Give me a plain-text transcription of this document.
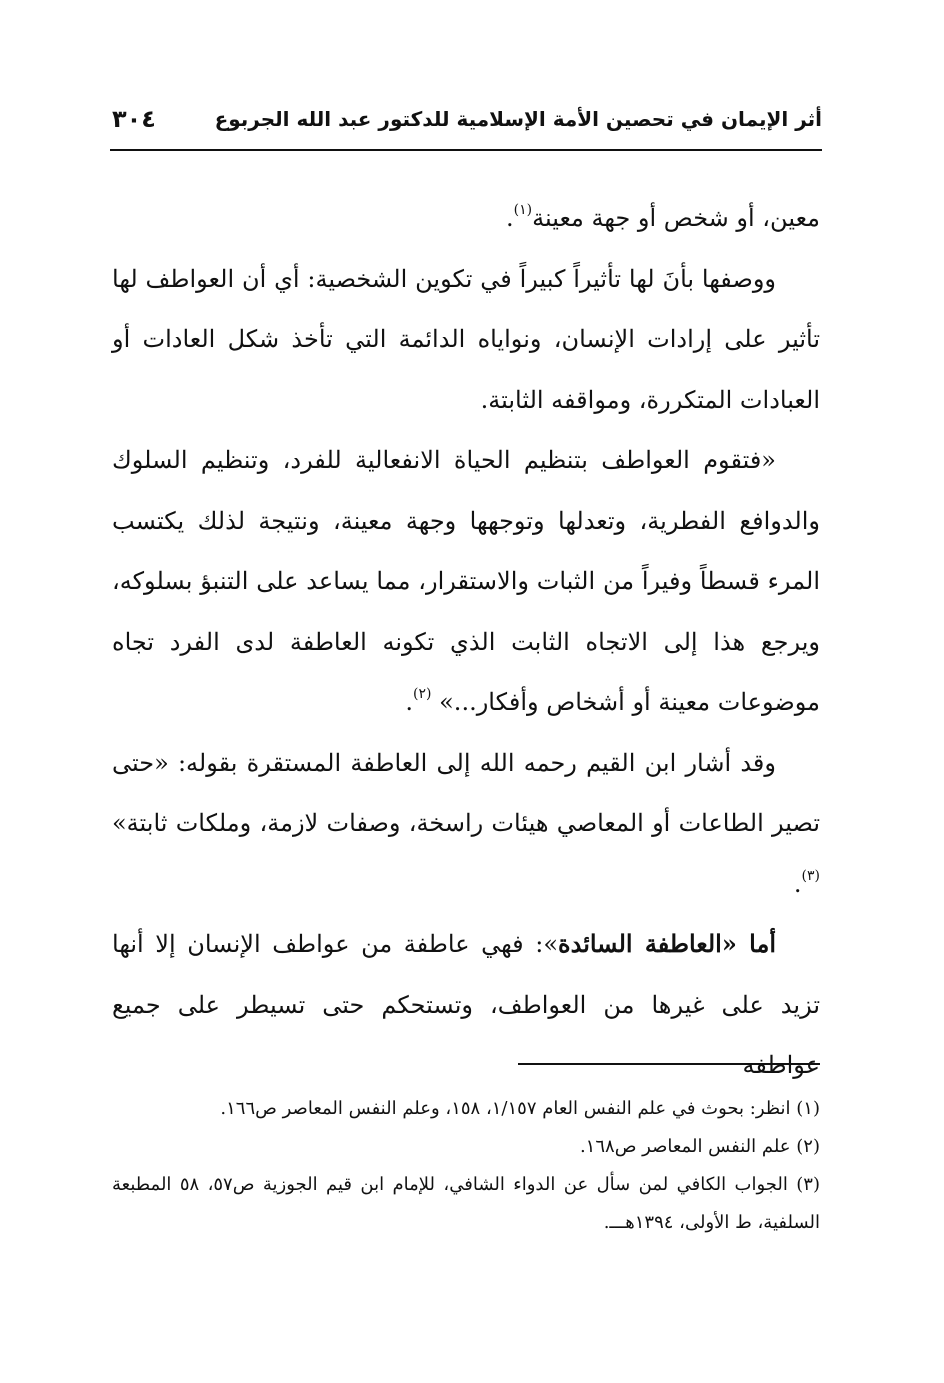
أثر الإيمان في تحصين الأمة الإسلامية للدكتور عبد الله الجربوع
٣٠٤

معين، أو شخص أو جهة معينة$^{(١)}$.

ووصفها بأنَ لها تأثيراً كبيراً في تكوين الشخصية: أي أن العواطف لها تأثير على إرادات الإنسان، ونواياه الدائمة التي تأخذ شكل العادات أو العبادات المتكررة، ومواقفه الثابتة.

«فتقوم العواطف بتنظيم الحياة الانفعالية للفرد، وتنظيم السلوك والدوافع الفطرية، وتعدلها وتوجهها وجهة معينة، ونتيجة لذلك يكتسب المرء قسطاً وفيراً من الثبات والاستقرار، مما يساعد على التنبؤ بسلوكه، ويرجع هذا إلى الاتجاه الثابت الذي تكونه العاطفة لدى الفرد تجاه موضوعات معينة أو أشخاص وأفكار...» $^{(٢)}$.

وقد أشار ابن القيم رحمه الله إلى العاطفة المستقرة بقوله: «حتى تصير الطاعات أو المعاصي هيئات راسخة، وصفات لازمة، وملكات ثابتة» $^{(٣)}$.

أما «العاطفة السائدة»: فهي عاطفة من عواطف الإنسان إلا أنها تزيد على غيرها من العواطف، وتستحكم حتى تسيطر على جميع عواطفه

(١) انظر: بحوث في علم النفس العام ١/١٥٧، ١٥٨، وعلم النفس المعاصر ص١٦٦.

(٢) علم النفس المعاصر ص١٦٨.

(٣) الجواب الكافي لمن سأل عن الدواء الشافي، للإمام ابن قيم الجوزية ص٥٧، ٥٨ المطبعة السلفية، ط الأولى، ١٣٩٤هـــ.
